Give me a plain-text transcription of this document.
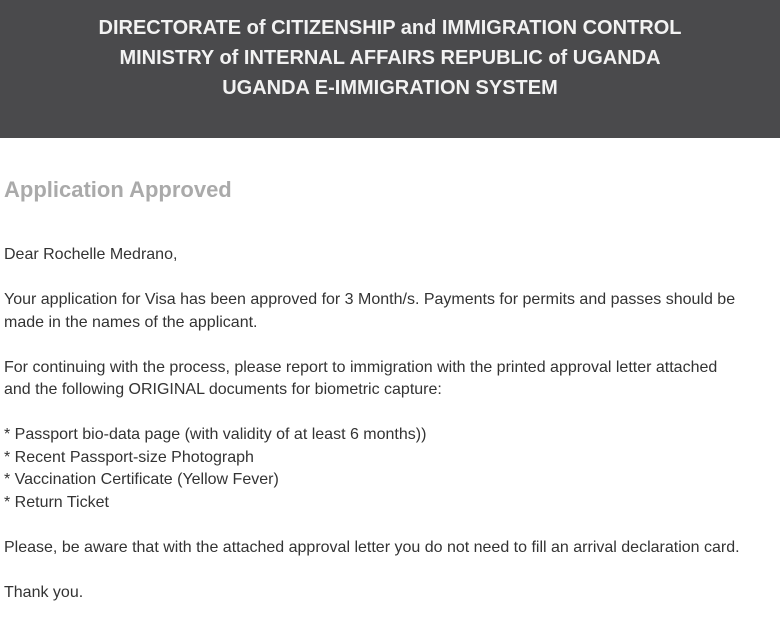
DIRECTORATE of CITIZENSHIP and IMMIGRATION CONTROL
MINISTRY of INTERNAL AFFAIRS REPUBLIC of UGANDA
UGANDA E-IMMIGRATION SYSTEM
Application Approved

Dear Rochelle Medrano,

Your application for Visa has been approved for 3 Month/s. Payments for permits and passes should be made in the names of the applicant.

For continuing with the process, please report to immigration with the printed approval letter attached and the following ORIGINAL documents for biometric capture:

* Passport bio-data page (with validity of at least 6 months))
* Recent Passport-size Photograph
* Vaccination Certificate (Yellow Fever)
* Return Ticket

Please, be aware that with the attached approval letter you do not need to fill an arrival declaration card.

Thank you.
